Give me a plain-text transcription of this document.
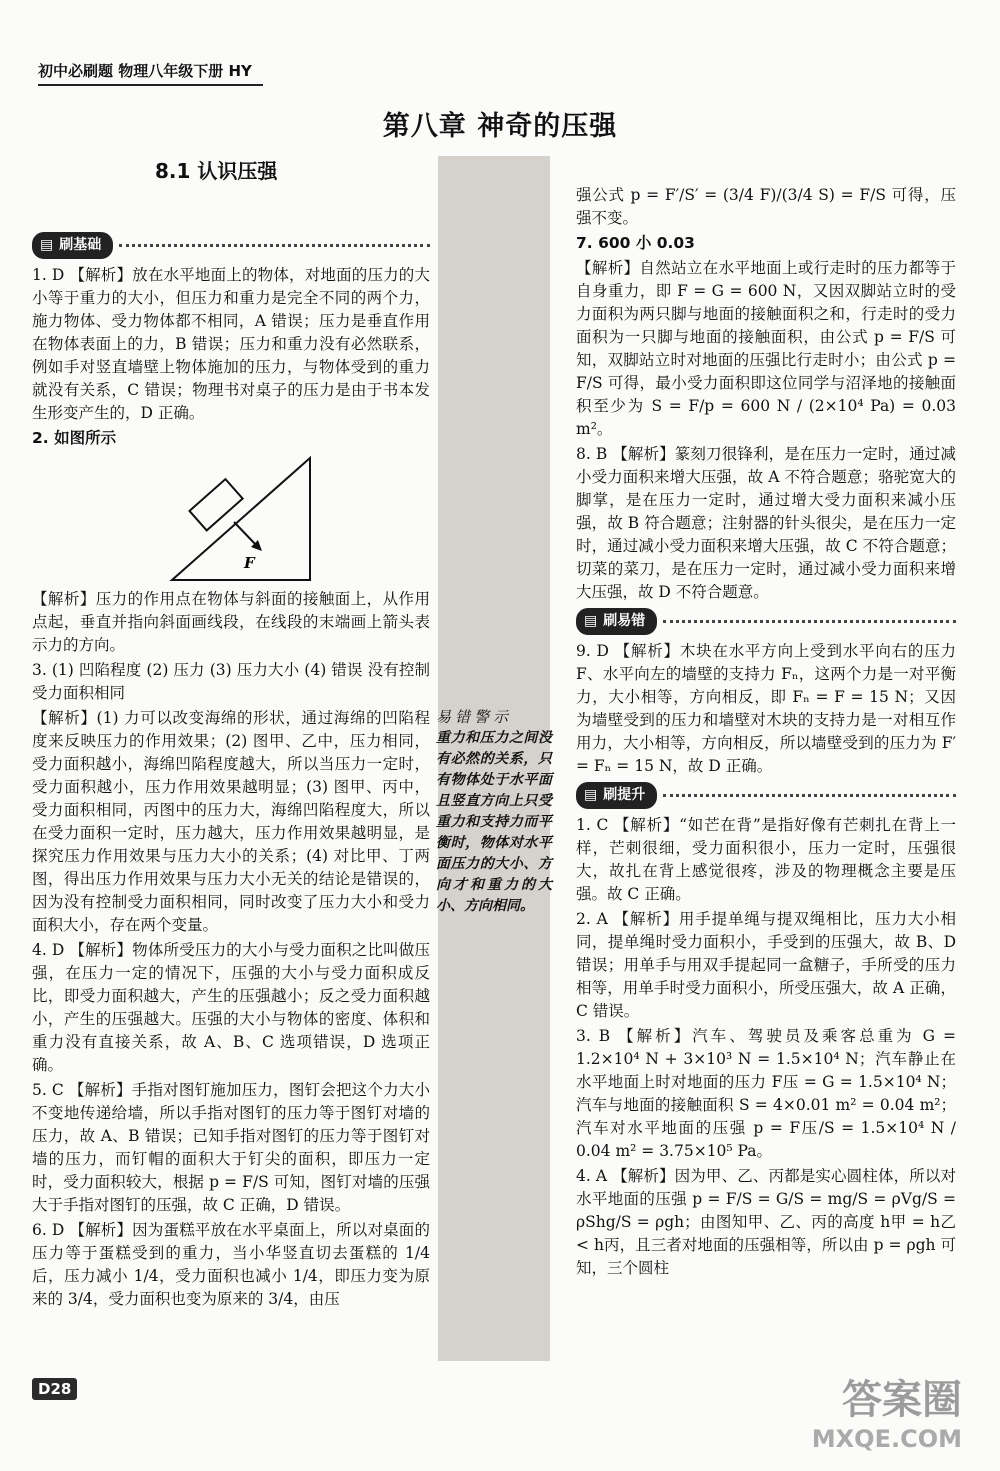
初中必刷题 物理八年级下册 HY
第八章 神奇的压强
8.1 认识压强
▤ 刷基础

1. D 【解析】放在水平地面上的物体，对地面的压力的大小等于重力的大小，但压力和重力是完全不同的两个力，施力物体、受力物体都不相同，A 错误；压力是垂直作用在物体表面上的力，B 错误；压力和重力没有必然联系，例如手对竖直墙壁上物体施加的压力，与物体受到的重力就没有关系，C 错误；物理书对桌子的压力是由于书本发生形变产生的，D 正确。

2. 如图所示

F

【解析】压力的作用点在物体与斜面的接触面上，从作用点起，垂直并指向斜面画线段，在线段的末端画上箭头表示力的方向。

3. (1) 凹陷程度 (2) 压力 (3) 压力大小 (4) 错误 没有控制受力面积相同

【解析】(1) 力可以改变海绵的形状，通过海绵的凹陷程度来反映压力的作用效果；(2) 图甲、乙中，压力相同，受力面积越小，海绵凹陷程度越大，所以当压力一定时，受力面积越小，压力作用效果越明显；(3) 图甲、丙中，受力面积相同，丙图中的压力大，海绵凹陷程度大，所以在受力面积一定时，压力越大，压力作用效果越明显，是探究压力作用效果与压力大小的关系；(4) 对比甲、丁两图，得出压力作用效果与压力大小无关的结论是错误的，因为没有控制受力面积相同，同时改变了压力大小和受力面积大小，存在两个变量。

4. D 【解析】物体所受压力的大小与受力面积之比叫做压强，在压力一定的情况下，压强的大小与受力面积成反比，即受力面积越大，产生的压强越小；反之受力面积越小，产生的压强越大。压强的大小与物体的密度、体积和重力没有直接关系，故 A、B、C 选项错误，D 选项正确。

5. C 【解析】手指对图钉施加压力，图钉会把这个力大小不变地传递给墙，所以手指对图钉的压力等于图钉对墙的压力，故 A、B 错误；已知手指对图钉的压力等于图钉对墙的压力，而钉帽的面积大于钉尖的面积，即压力一定时，受力面积较大，根据 p = F/S 可知，图钉对墙的压强大于手指对图钉的压强，故 C 正确，D 错误。

6. D 【解析】因为蛋糕平放在水平桌面上，所以对桌面的压力等于蛋糕受到的重力，当小华竖直切去蛋糕的 1/4 后，压力减小 1/4，受力面积也减小 1/4，即压力变为原来的 3/4，受力面积也变为原来的 3/4，由压

易错警示
重力和压力之间没有必然的关系，只有物体处于水平面且竖直方向上只受重力和支持力而平衡时，物体对水平面压力的大小、方向才和重力的大小、方向相同。

强公式 p = F′/S′ = (3/4 F)/(3/4 S) = F/S 可得，压强不变。

7. 600 小 0.03

【解析】自然站立在水平地面上或行走时的压力都等于自身重力，即 F = G = 600 N，又因双脚站立时的受力面积为两只脚与地面的接触面积之和，行走时的受力面积为一只脚与地面的接触面积，由公式 p = F/S 可知，双脚站立时对地面的压强比行走时小；由公式 p = F/S 可得，最小受力面积即这位同学与沼泽地的接触面积至少为 S = F/p = 600 N / (2×10⁴ Pa) = 0.03 m²。

8. B 【解析】篆刻刀很锋利，是在压力一定时，通过减小受力面积来增大压强，故 A 不符合题意；骆驼宽大的脚掌，是在压力一定时，通过增大受力面积来减小压强，故 B 符合题意；注射器的针头很尖，是在压力一定时，通过减小受力面积来增大压强，故 C 不符合题意；切菜的菜刀，是在压力一定时，通过减小受力面积来增大压强，故 D 不符合题意。

▤ 刷易错

9. D 【解析】木块在水平方向上受到水平向右的压力 F、水平向左的墙壁的支持力 Fₙ，这两个力是一对平衡力，大小相等，方向相反，即 Fₙ = F = 15 N；又因为墙壁受到的压力和墙壁对木块的支持力是一对相互作用力，大小相等，方向相反，所以墙壁受到的压力为 F′ = Fₙ = 15 N，故 D 正确。

▤ 刷提升

1. C 【解析】“如芒在背”是指好像有芒刺扎在背上一样，芒刺很细，受力面积很小，压力一定时，压强很大，故扎在背上感觉很疼，涉及的物理概念主要是压强。故 C 正确。

2. A 【解析】用手提单绳与提双绳相比，压力大小相同，提单绳时受力面积小，手受到的压强大，故 B、D 错误；用单手与用双手提起同一盒糖子，手所受的压力相等，用单手时受力面积小，所受压强大，故 A 正确，C 错误。

3. B 【解析】汽车、驾驶员及乘客总重为 G = 1.2×10⁴ N + 3×10³ N = 1.5×10⁴ N；汽车静止在水平地面上时对地面的压力 F压 = G = 1.5×10⁴ N；汽车与地面的接触面积 S = 4×0.01 m² = 0.04 m²；汽车对水平地面的压强 p = F压/S = 1.5×10⁴ N / 0.04 m² = 3.75×10⁵ Pa。

4. A 【解析】因为甲、乙、丙都是实心圆柱体，所以对水平地面的压强 p = F/S = G/S = mg/S = ρVg/S = ρShg/S = ρgh；由图知甲、乙、丙的高度 h甲 = h乙 < h丙，且三者对地面的压强相等，所以由 p = ρgh 可知，三个圆柱

D28	答案圈
MXQE.COM
